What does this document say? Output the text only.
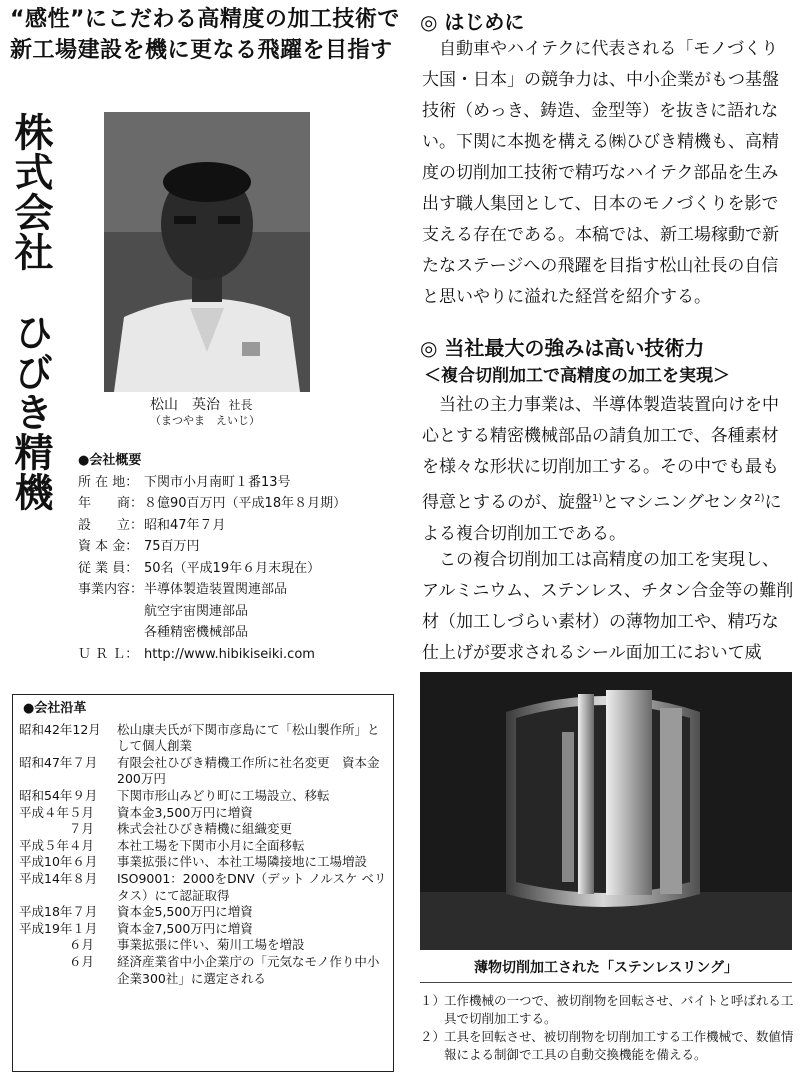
“感性”にこだわる高精度の加工技術で
新工場建設を機に更なる飛躍を目指す
株式会社　ひびき精機	松山　英治 社長
（まつやま　えいじ）
●会社概要
所 在 地： 下関市小月南町１番13号
年　　商： ８億90百万円（平成18年８月期）
設　　立： 昭和47年７月
資 本 金： 75百万円
従 業 員： 50名（平成19年６月末現在）
事業内容： 半導体製造装置関連部品
航空宇宙関連部品
各種精密機械部品
Ｕ Ｒ Ｌ： http://www.hibikiseiki.com
●会社沿革
昭和42年12月	松山康夫氏が下関市彦島にて「松山製作所」として個人創業
昭和47年７月	有限会社ひびき精機工作所に社名変更　資本金200万円
昭和54年９月	下関市形山みどり町に工場設立、移転
平成４年５月	資本金3,500万円に増資
　　　　７月	株式会社ひびき精機に組織変更
平成５年４月	本社工場を下関市小月に全面移転
平成10年６月	事業拡張に伴い、本社工場隣接地に工場増設
平成14年８月	ISO9001：2000をDNV（デット ノルスケ ベリタス）にて認証取得
平成18年７月	資本金5,500万円に増資
平成19年１月	資本金7,500万円に増資
　　　　６月	事業拡張に伴い、菊川工場を増設
　　　　６月	経済産業省中小企業庁の「元気なモノ作り中小企業300社」に選定される
◎ はじめに
自動車やハイテクに代表される「モノづくり大国・日本」の競争力は、中小企業がもつ基盤技術（めっき、鋳造、金型等）を抜きに語れない。下関に本拠を構える㈱ひびき精機も、高精度の切削加工技術で精巧なハイテク部品を生み出す職人集団として、日本のモノづくりを影で支える存在である。本稿では、新工場稼動で新たなステージへの飛躍を目指す松山社長の自信と思いやりに溢れた経営を紹介する。
◎ 当社最大の強みは高い技術力
＜複合切削加工で高精度の加工を実現＞
当社の主力事業は、半導体製造装置向けを中心とする精密機械部品の請負加工で、各種素材を様々な形状に切削加工する。その中でも最も得意とするのが、旋盤$^{1)}$とマシニングセンタ$^{2)}$による複合切削加工である。
この複合切削加工は高精度の加工を実現し、アルミニウム、ステンレス、チタン合金等の難削材（加工しづらい素材）の薄物加工や、精巧な仕上げが要求されるシール面加工において威
薄物切削加工された「ステンレスリング」
１）
工作機械の一つで、被切削物を回転させ、バイトと呼ばれる工具で切削加工する。
２）
工具を回転させ、被切削物を切削加工する工作機械で、数値情報による制御で工具の自動交換機能を備える。
